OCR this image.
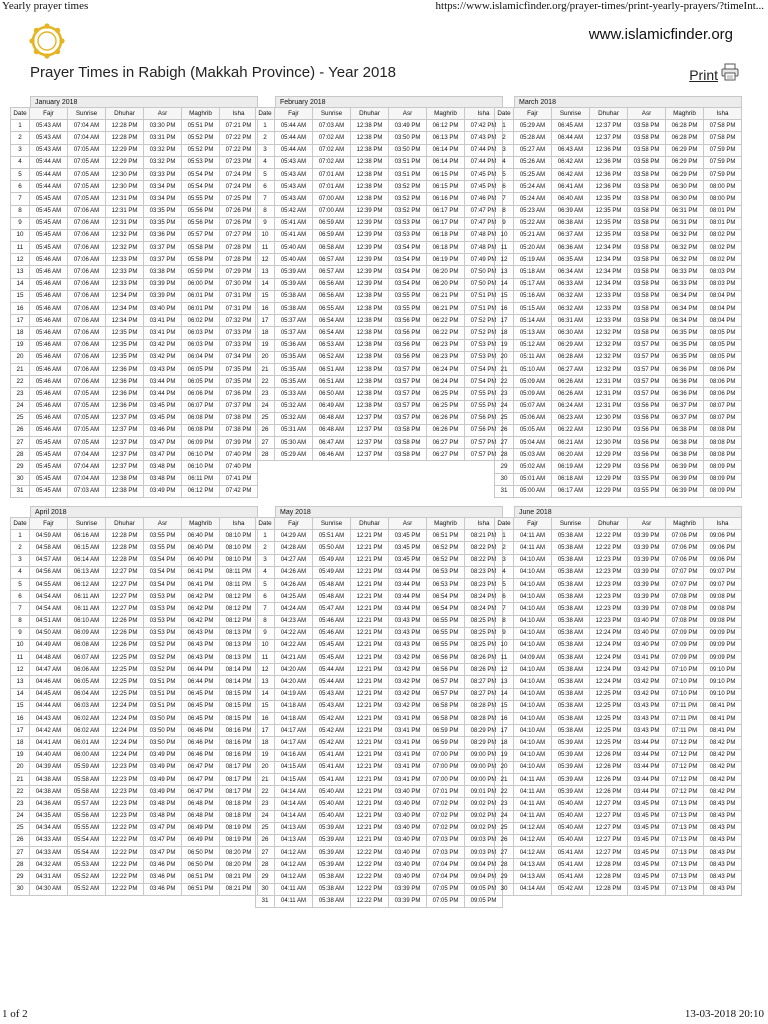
Yearly prayer times	https://www.islamicfinder.org/prayer-times/print-yearly-prayers/?timeInt...
www.islamicfinder.org
Prayer Times in Rabigh (Makkah Province) - Year 2018	Print
January 2018
Date	Fajr	Sunrise	Dhuhar	Asr	Maghrib	Isha
1	05:43 AM	07:04 AM	12:28 PM	03:30 PM	05:51 PM	07:21 PM
2	05:43 AM	07:04 AM	12:28 PM	03:31 PM	05:52 PM	07:22 PM
3	05:43 AM	07:05 AM	12:29 PM	03:32 PM	05:52 PM	07:22 PM
4	05:44 AM	07:05 AM	12:29 PM	03:32 PM	05:53 PM	07:23 PM
5	05:44 AM	07:05 AM	12:30 PM	03:33 PM	05:54 PM	07:24 PM
6	05:44 AM	07:05 AM	12:30 PM	03:34 PM	05:54 PM	07:24 PM
7	05:45 AM	07:05 AM	12:31 PM	03:34 PM	05:55 PM	07:25 PM
8	05:45 AM	07:06 AM	12:31 PM	03:35 PM	05:56 PM	07:26 PM
9	05:45 AM	07:06 AM	12:31 PM	03:35 PM	05:56 PM	07:26 PM
10	05:45 AM	07:06 AM	12:32 PM	03:36 PM	05:57 PM	07:27 PM
11	05:45 AM	07:06 AM	12:32 PM	03:37 PM	05:58 PM	07:28 PM
12	05:46 AM	07:06 AM	12:33 PM	03:37 PM	05:58 PM	07:28 PM
13	05:46 AM	07:06 AM	12:33 PM	03:38 PM	05:59 PM	07:29 PM
14	05:46 AM	07:06 AM	12:33 PM	03:39 PM	06:00 PM	07:30 PM
15	05:46 AM	07:06 AM	12:34 PM	03:39 PM	06:01 PM	07:31 PM
16	05:46 AM	07:06 AM	12:34 PM	03:40 PM	06:01 PM	07:31 PM
17	05:46 AM	07:06 AM	12:34 PM	03:41 PM	06:02 PM	07:32 PM
18	05:46 AM	07:06 AM	12:35 PM	03:41 PM	06:03 PM	07:33 PM
19	05:46 AM	07:06 AM	12:35 PM	03:42 PM	06:03 PM	07:33 PM
20	05:46 AM	07:06 AM	12:35 PM	03:42 PM	06:04 PM	07:34 PM
21	05:46 AM	07:06 AM	12:36 PM	03:43 PM	06:05 PM	07:35 PM
22	05:46 AM	07:06 AM	12:36 PM	03:44 PM	06:05 PM	07:35 PM
23	05:46 AM	07:05 AM	12:36 PM	03:44 PM	06:06 PM	07:36 PM
24	05:46 AM	07:05 AM	12:36 PM	03:45 PM	06:07 PM	07:37 PM
25	05:46 AM	07:05 AM	12:37 PM	03:45 PM	06:08 PM	07:38 PM
26	05:46 AM	07:05 AM	12:37 PM	03:46 PM	06:08 PM	07:38 PM
27	05:45 AM	07:05 AM	12:37 PM	03:47 PM	06:09 PM	07:39 PM
28	05:45 AM	07:04 AM	12:37 PM	03:47 PM	06:10 PM	07:40 PM
29	05:45 AM	07:04 AM	12:37 PM	03:48 PM	06:10 PM	07:40 PM
30	05:45 AM	07:04 AM	12:38 PM	03:48 PM	06:11 PM	07:41 PM
31	05:45 AM	07:03 AM	12:38 PM	03:49 PM	06:12 PM	07:42 PM
February 2018
Date	Fajr	Sunrise	Dhuhar	Asr	Maghrib	Isha
1	05:44 AM	07:03 AM	12:38 PM	03:49 PM	06:12 PM	07:42 PM
2	05:44 AM	07:02 AM	12:38 PM	03:50 PM	06:13 PM	07:43 PM
3	05:44 AM	07:02 AM	12:38 PM	03:50 PM	06:14 PM	07:44 PM
4	05:43 AM	07:02 AM	12:38 PM	03:51 PM	06:14 PM	07:44 PM
5	05:43 AM	07:01 AM	12:38 PM	03:51 PM	06:15 PM	07:45 PM
6	05:43 AM	07:01 AM	12:38 PM	03:52 PM	06:15 PM	07:45 PM
7	05:43 AM	07:00 AM	12:38 PM	03:52 PM	06:16 PM	07:46 PM
8	05:42 AM	07:00 AM	12:39 PM	03:52 PM	06:17 PM	07:47 PM
9	05:41 AM	06:59 AM	12:39 PM	03:53 PM	06:17 PM	07:47 PM
10	05:41 AM	06:59 AM	12:39 PM	03:53 PM	06:18 PM	07:48 PM
11	05:40 AM	06:58 AM	12:39 PM	03:54 PM	06:18 PM	07:48 PM
12	05:40 AM	06:57 AM	12:39 PM	03:54 PM	06:19 PM	07:49 PM
13	05:39 AM	06:57 AM	12:39 PM	03:54 PM	06:20 PM	07:50 PM
14	05:39 AM	06:56 AM	12:39 PM	03:54 PM	06:20 PM	07:50 PM
15	05:38 AM	06:56 AM	12:38 PM	03:55 PM	06:21 PM	07:51 PM
16	05:38 AM	06:55 AM	12:38 PM	03:55 PM	06:21 PM	07:51 PM
17	05:37 AM	06:54 AM	12:38 PM	03:56 PM	06:22 PM	07:52 PM
18	05:37 AM	06:54 AM	12:38 PM	03:56 PM	06:22 PM	07:52 PM
19	05:36 AM	06:53 AM	12:38 PM	03:56 PM	06:23 PM	07:53 PM
20	05:35 AM	06:52 AM	12:38 PM	03:56 PM	06:23 PM	07:53 PM
21	05:35 AM	06:51 AM	12:38 PM	03:57 PM	06:24 PM	07:54 PM
22	05:35 AM	06:51 AM	12:38 PM	03:57 PM	06:24 PM	07:54 PM
23	05:33 AM	06:50 AM	12:38 PM	03:57 PM	06:25 PM	07:55 PM
24	05:32 AM	06:49 AM	12:38 PM	03:57 PM	06:25 PM	07:55 PM
25	05:32 AM	06:48 AM	12:37 PM	03:57 PM	06:26 PM	07:56 PM
26	05:31 AM	06:48 AM	12:37 PM	03:58 PM	06:26 PM	07:56 PM
27	05:30 AM	06:47 AM	12:37 PM	03:58 PM	06:27 PM	07:57 PM
28	05:29 AM	06:46 AM	12:37 PM	03:58 PM	06:27 PM	07:57 PM
March 2018
Date	Fajr	Sunrise	Dhuhar	Asr	Maghrib	Isha
1	05:29 AM	06:45 AM	12:37 PM	03:58 PM	06:28 PM	07:58 PM
2	05:28 AM	06:44 AM	12:37 PM	03:58 PM	06:28 PM	07:58 PM
3	05:27 AM	06:43 AM	12:36 PM	03:58 PM	06:29 PM	07:59 PM
4	05:26 AM	06:42 AM	12:36 PM	03:58 PM	06:29 PM	07:59 PM
5	05:25 AM	06:42 AM	12:36 PM	03:58 PM	06:29 PM	07:59 PM
6	05:24 AM	06:41 AM	12:36 PM	03:58 PM	06:30 PM	08:00 PM
7	05:24 AM	06:40 AM	12:35 PM	03:58 PM	06:30 PM	08:00 PM
8	05:23 AM	06:39 AM	12:35 PM	03:58 PM	06:31 PM	08:01 PM
9	05:22 AM	06:38 AM	12:35 PM	03:58 PM	06:31 PM	08:01 PM
10	05:21 AM	06:37 AM	12:35 PM	03:58 PM	06:32 PM	08:02 PM
11	05:20 AM	06:36 AM	12:34 PM	03:58 PM	06:32 PM	08:02 PM
12	05:19 AM	06:35 AM	12:34 PM	03:58 PM	06:32 PM	08:02 PM
13	05:18 AM	06:34 AM	12:34 PM	03:58 PM	06:33 PM	08:03 PM
14	05:17 AM	06:33 AM	12:34 PM	03:58 PM	06:33 PM	08:03 PM
15	05:16 AM	06:32 AM	12:33 PM	03:58 PM	06:34 PM	08:04 PM
16	05:15 AM	06:32 AM	12:33 PM	03:58 PM	06:34 PM	08:04 PM
17	05:14 AM	06:31 AM	12:33 PM	03:58 PM	06:34 PM	08:04 PM
18	05:13 AM	06:30 AM	12:32 PM	03:58 PM	06:35 PM	08:05 PM
19	05:12 AM	06:29 AM	12:32 PM	03:57 PM	06:35 PM	08:05 PM
20	05:11 AM	06:28 AM	12:32 PM	03:57 PM	06:35 PM	08:05 PM
21	05:10 AM	06:27 AM	12:32 PM	03:57 PM	06:36 PM	08:06 PM
22	05:09 AM	06:26 AM	12:31 PM	03:57 PM	06:36 PM	08:06 PM
23	05:09 AM	06:26 AM	12:31 PM	03:57 PM	06:36 PM	08:06 PM
24	05:07 AM	06:24 AM	12:31 PM	03:56 PM	06:37 PM	08:07 PM
25	05:06 AM	06:23 AM	12:30 PM	03:56 PM	06:37 PM	08:07 PM
26	05:05 AM	06:22 AM	12:30 PM	03:56 PM	06:38 PM	08:08 PM
27	05:04 AM	06:21 AM	12:30 PM	03:56 PM	06:38 PM	08:08 PM
28	05:03 AM	06:20 AM	12:29 PM	03:56 PM	06:38 PM	08:08 PM
29	05:02 AM	06:19 AM	12:29 PM	03:56 PM	06:39 PM	08:09 PM
30	05:01 AM	06:18 AM	12:29 PM	03:55 PM	06:39 PM	08:09 PM
31	05:00 AM	06:17 AM	12:29 PM	03:55 PM	06:39 PM	08:09 PM
April 2018
Date	Fajr	Sunrise	Dhuhar	Asr	Maghrib	Isha
1	04:59 AM	06:16 AM	12:28 PM	03:55 PM	06:40 PM	08:10 PM
2	04:58 AM	06:15 AM	12:28 PM	03:55 PM	06:40 PM	08:10 PM
3	04:57 AM	06:14 AM	12:28 PM	03:54 PM	06:40 PM	08:10 PM
4	04:56 AM	06:13 AM	12:27 PM	03:54 PM	06:41 PM	08:11 PM
5	04:55 AM	06:12 AM	12:27 PM	03:54 PM	06:41 PM	08:11 PM
6	04:54 AM	06:11 AM	12:27 PM	03:53 PM	06:42 PM	08:12 PM
7	04:54 AM	06:11 AM	12:27 PM	03:53 PM	06:42 PM	08:12 PM
8	04:51 AM	06:10 AM	12:26 PM	03:53 PM	06:42 PM	08:12 PM
9	04:50 AM	06:09 AM	12:26 PM	03:53 PM	06:43 PM	08:13 PM
10	04:49 AM	06:08 AM	12:26 PM	03:52 PM	06:43 PM	08:13 PM
11	04:48 AM	06:07 AM	12:25 PM	03:52 PM	06:43 PM	08:13 PM
12	04:47 AM	06:06 AM	12:25 PM	03:52 PM	06:44 PM	08:14 PM
13	04:46 AM	06:05 AM	12:25 PM	03:51 PM	06:44 PM	08:14 PM
14	04:45 AM	06:04 AM	12:25 PM	03:51 PM	06:45 PM	08:15 PM
15	04:44 AM	06:03 AM	12:24 PM	03:51 PM	06:45 PM	08:15 PM
16	04:43 AM	06:02 AM	12:24 PM	03:50 PM	06:45 PM	08:15 PM
17	04:42 AM	06:02 AM	12:24 PM	03:50 PM	06:46 PM	08:16 PM
18	04:41 AM	06:01 AM	12:24 PM	03:50 PM	06:46 PM	08:16 PM
19	04:40 AM	06:00 AM	12:24 PM	03:49 PM	06:46 PM	08:16 PM
20	04:39 AM	05:59 AM	12:23 PM	03:49 PM	06:47 PM	08:17 PM
21	04:38 AM	05:58 AM	12:23 PM	03:49 PM	06:47 PM	08:17 PM
22	04:38 AM	05:58 AM	12:23 PM	03:49 PM	06:47 PM	08:17 PM
23	04:36 AM	05:57 AM	12:23 PM	03:48 PM	06:48 PM	08:18 PM
24	04:35 AM	05:56 AM	12:23 PM	03:48 PM	06:48 PM	08:18 PM
25	04:34 AM	05:55 AM	12:22 PM	03:47 PM	06:49 PM	08:19 PM
26	04:33 AM	05:54 AM	12:22 PM	03:47 PM	06:49 PM	08:19 PM
27	04:33 AM	05:54 AM	12:22 PM	03:47 PM	06:50 PM	08:20 PM
28	04:32 AM	05:53 AM	12:22 PM	03:46 PM	06:50 PM	08:20 PM
29	04:31 AM	05:52 AM	12:22 PM	03:46 PM	06:51 PM	08:21 PM
30	04:30 AM	05:52 AM	12:22 PM	03:46 PM	06:51 PM	08:21 PM
May 2018
Date	Fajr	Sunrise	Dhuhar	Asr	Maghrib	Isha
1	04:29 AM	05:51 AM	12:21 PM	03:45 PM	06:51 PM	08:21 PM
2	04:28 AM	05:50 AM	12:21 PM	03:45 PM	06:52 PM	08:22 PM
3	04:27 AM	05:49 AM	12:21 PM	03:45 PM	06:52 PM	08:22 PM
4	04:26 AM	05:49 AM	12:21 PM	03:44 PM	06:53 PM	08:23 PM
5	04:26 AM	05:48 AM	12:21 PM	03:44 PM	06:53 PM	08:23 PM
6	04:25 AM	05:48 AM	12:21 PM	03:44 PM	06:54 PM	08:24 PM
7	04:24 AM	05:47 AM	12:21 PM	03:44 PM	06:54 PM	08:24 PM
8	04:23 AM	05:46 AM	12:21 PM	03:43 PM	06:55 PM	08:25 PM
9	04:22 AM	05:46 AM	12:21 PM	03:43 PM	06:55 PM	08:25 PM
10	04:22 AM	05:45 AM	12:21 PM	03:43 PM	06:55 PM	08:25 PM
11	04:21 AM	05:45 AM	12:21 PM	03:42 PM	06:56 PM	08:26 PM
12	04:20 AM	05:44 AM	12:21 PM	03:42 PM	06:56 PM	08:26 PM
13	04:20 AM	05:44 AM	12:21 PM	03:42 PM	06:57 PM	08:27 PM
14	04:19 AM	05:43 AM	12:21 PM	03:42 PM	06:57 PM	08:27 PM
15	04:18 AM	05:43 AM	12:21 PM	03:42 PM	06:58 PM	08:28 PM
16	04:18 AM	05:42 AM	12:21 PM	03:41 PM	06:58 PM	08:28 PM
17	04:17 AM	05:42 AM	12:21 PM	03:41 PM	06:59 PM	08:29 PM
18	04:17 AM	05:42 AM	12:21 PM	03:41 PM	06:59 PM	08:29 PM
19	04:16 AM	05:41 AM	12:21 PM	03:41 PM	07:00 PM	09:00 PM
20	04:15 AM	05:41 AM	12:21 PM	03:41 PM	07:00 PM	09:00 PM
21	04:15 AM	05:41 AM	12:21 PM	03:41 PM	07:00 PM	09:00 PM
22	04:14 AM	05:40 AM	12:21 PM	03:40 PM	07:01 PM	09:01 PM
23	04:14 AM	05:40 AM	12:21 PM	03:40 PM	07:02 PM	09:02 PM
24	04:14 AM	05:40 AM	12:21 PM	03:40 PM	07:02 PM	09:02 PM
25	04:13 AM	05:39 AM	12:21 PM	03:40 PM	07:02 PM	09:02 PM
26	04:13 AM	05:39 AM	12:21 PM	03:40 PM	07:03 PM	09:03 PM
27	04:12 AM	05:39 AM	12:22 PM	03:40 PM	07:03 PM	09:03 PM
28	04:12 AM	05:39 AM	12:22 PM	03:40 PM	07:04 PM	09:04 PM
29	04:12 AM	05:38 AM	12:22 PM	03:40 PM	07:04 PM	09:04 PM
30	04:11 AM	05:38 AM	12:22 PM	03:39 PM	07:05 PM	09:05 PM
31	04:11 AM	05:38 AM	12:22 PM	03:39 PM	07:05 PM	09:05 PM
June 2018
Date	Fajr	Sunrise	Dhuhar	Asr	Maghrib	Isha
1	04:11 AM	05:38 AM	12:22 PM	03:39 PM	07:06 PM	09:06 PM
2	04:11 AM	05:38 AM	12:22 PM	03:39 PM	07:06 PM	09:06 PM
3	04:10 AM	05:38 AM	12:23 PM	03:39 PM	07:06 PM	09:06 PM
4	04:10 AM	05:38 AM	12:23 PM	03:39 PM	07:07 PM	09:07 PM
5	04:10 AM	05:38 AM	12:23 PM	03:39 PM	07:07 PM	09:07 PM
6	04:10 AM	05:38 AM	12:23 PM	03:39 PM	07:08 PM	09:08 PM
7	04:10 AM	05:38 AM	12:23 PM	03:39 PM	07:08 PM	09:08 PM
8	04:10 AM	05:38 AM	12:23 PM	03:40 PM	07:08 PM	09:08 PM
9	04:10 AM	05:38 AM	12:24 PM	03:40 PM	07:09 PM	09:09 PM
10	04:10 AM	05:38 AM	12:24 PM	03:40 PM	07:09 PM	09:09 PM
11	04:09 AM	05:38 AM	12:24 PM	03:41 PM	07:09 PM	09:09 PM
12	04:10 AM	05:38 AM	12:24 PM	03:42 PM	07:10 PM	09:10 PM
13	04:10 AM	05:38 AM	12:24 PM	03:42 PM	07:10 PM	09:10 PM
14	04:10 AM	05:38 AM	12:25 PM	03:42 PM	07:10 PM	09:10 PM
15	04:10 AM	05:38 AM	12:25 PM	03:43 PM	07:11 PM	08:41 PM
16	04:10 AM	05:38 AM	12:25 PM	03:43 PM	07:11 PM	08:41 PM
17	04:10 AM	05:38 AM	12:25 PM	03:43 PM	07:11 PM	08:41 PM
18	04:10 AM	05:39 AM	12:25 PM	03:44 PM	07:12 PM	08:42 PM
19	04:10 AM	05:39 AM	12:26 PM	03:44 PM	07:12 PM	08:42 PM
20	04:10 AM	05:39 AM	12:26 PM	03:44 PM	07:12 PM	08:42 PM
21	04:11 AM	05:39 AM	12:26 PM	03:44 PM	07:12 PM	08:42 PM
22	04:11 AM	05:39 AM	12:26 PM	03:44 PM	07:12 PM	08:42 PM
23	04:11 AM	05:40 AM	12:27 PM	03:45 PM	07:13 PM	08:43 PM
24	04:11 AM	05:40 AM	12:27 PM	03:45 PM	07:13 PM	08:43 PM
25	04:12 AM	05:40 AM	12:27 PM	03:45 PM	07:13 PM	08:43 PM
26	04:12 AM	05:40 AM	12:27 PM	03:45 PM	07:13 PM	08:43 PM
27	04:12 AM	05:41 AM	12:27 PM	03:45 PM	07:13 PM	08:43 PM
28	04:13 AM	05:41 AM	12:28 PM	03:45 PM	07:13 PM	08:43 PM
29	04:13 AM	05:41 AM	12:28 PM	03:45 PM	07:13 PM	08:43 PM
30	04:14 AM	05:42 AM	12:28 PM	03:45 PM	07:13 PM	08:43 PM
1 of 2	13-03-2018 20:10
